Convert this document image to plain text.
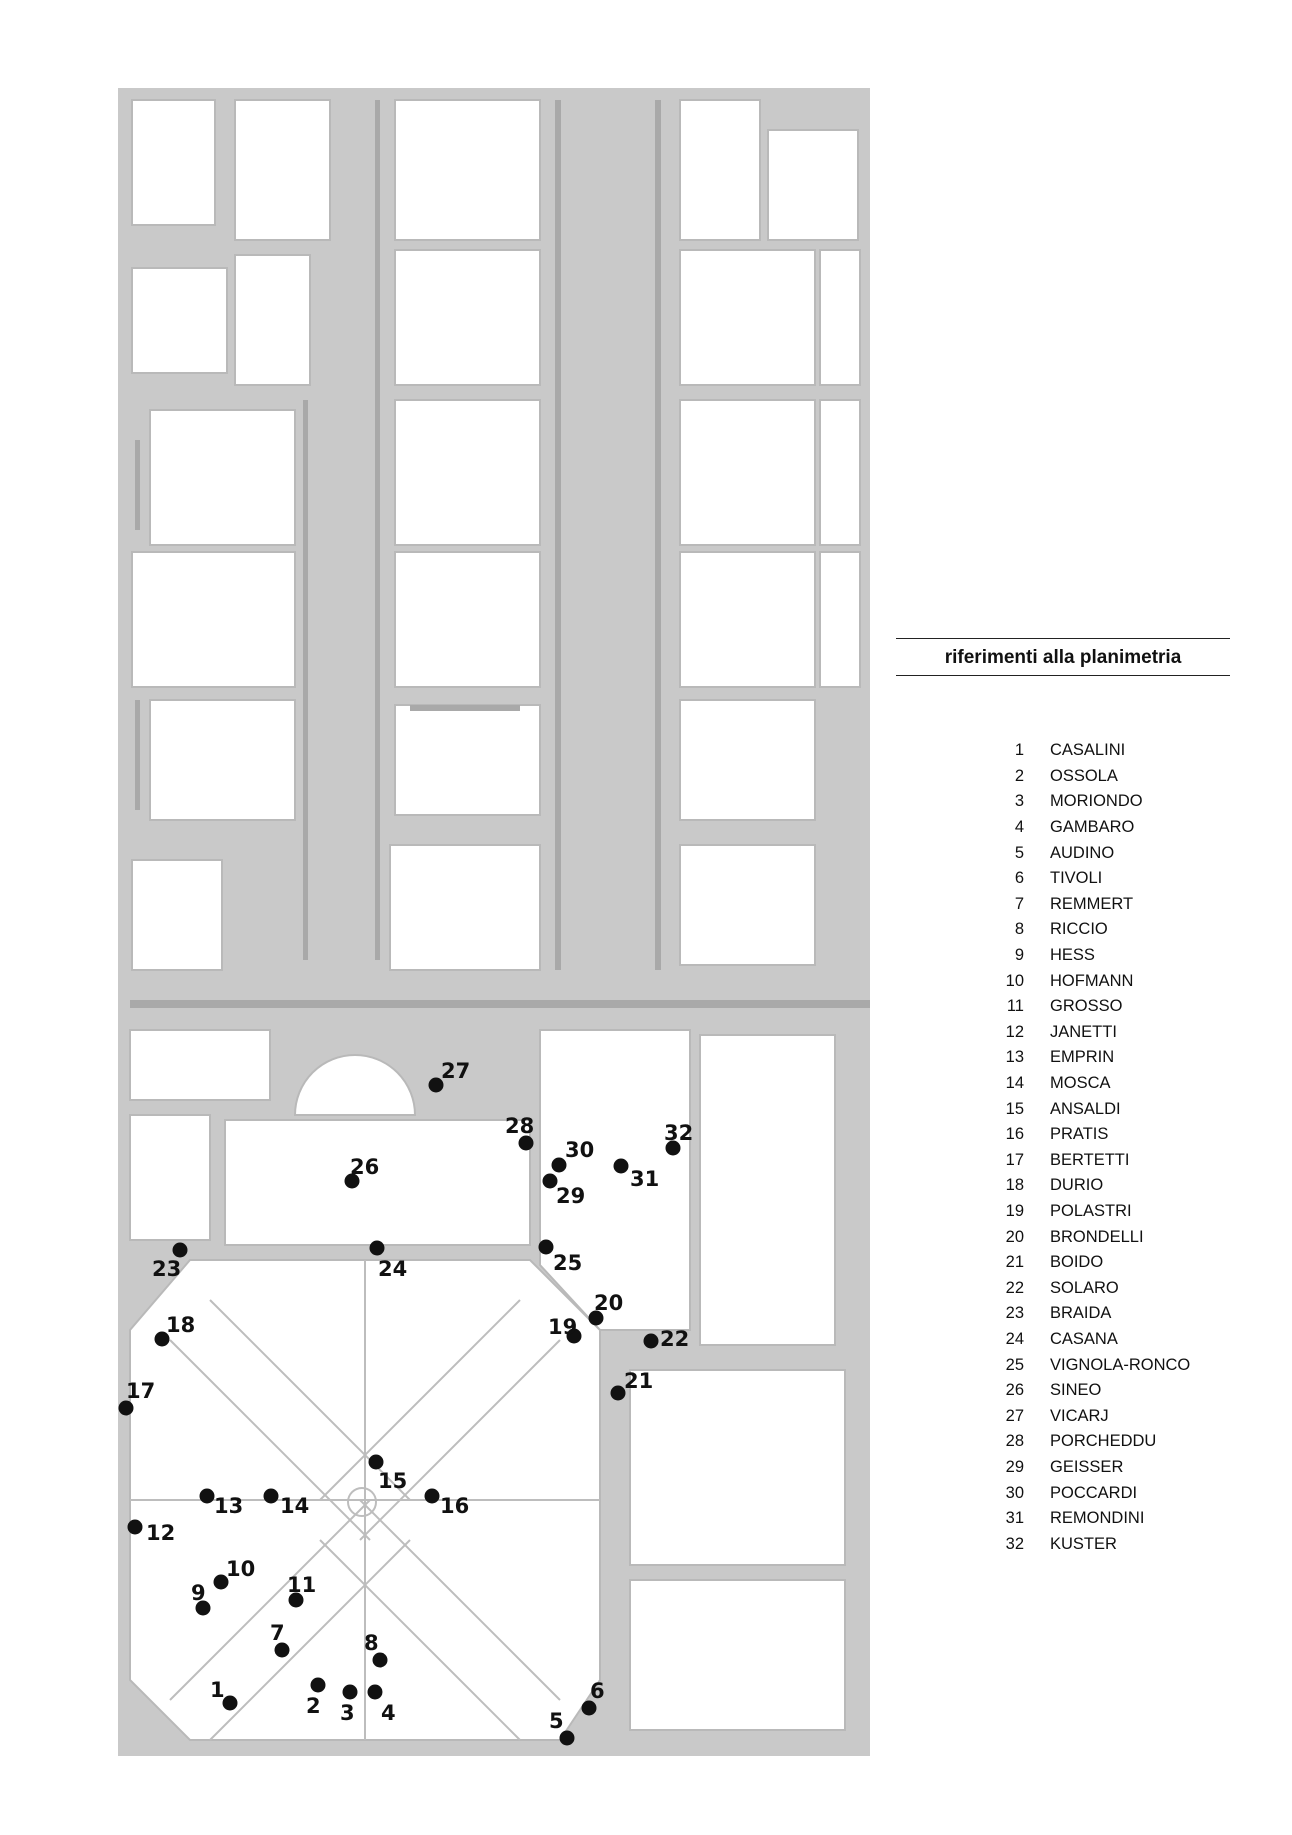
1
2 3 4	5
6
7	8
9
10
11
12
13 14
15
16
17
18	19
20
21
22
23	24	25
26
27
28
29
30
31
32
riferimenti alla planimetria
1 CASALINI
2 OSSOLA
3 MORIONDO
4 GAMBARO
5 AUDINO
6 TIVOLI
7 REMMERT
8 RICCIO
9 HESS
10 HOFMANN
11 GROSSO
12 JANETTI
13 EMPRIN
14 MOSCA
15 ANSALDI
16 PRATIS
17 BERTETTI
18 DURIO
19 POLASTRI
20 BRONDELLI
21 BOIDO
22 SOLARO
23 BRAIDA
24 CASANA
25 VIGNOLA-RONCO
26 SINEO
27 VICARJ
28 PORCHEDDU
29 GEISSER
30 POCCARDI
31 REMONDINI
32 KUSTER
